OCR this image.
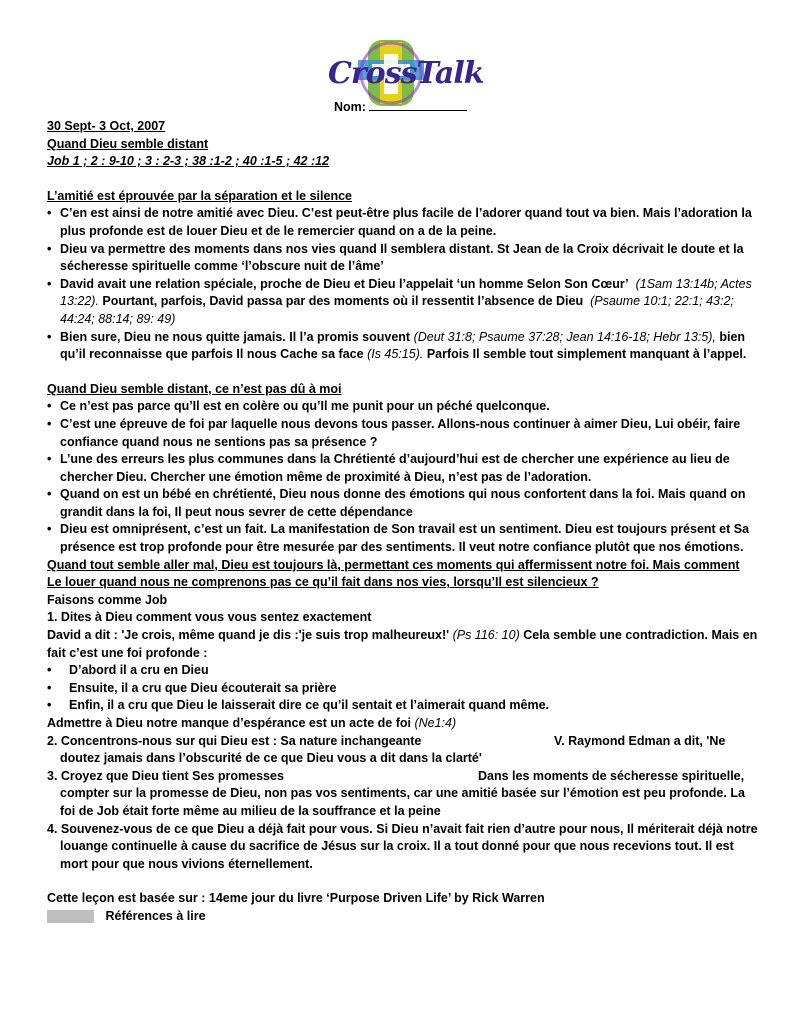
CrossTalk
Nom:

30 Sept- 3 Oct, 2007

Quand Dieu semble distant

Job 1 ; 2 : 9-10 ; 3 : 2-3 ; 38 :1-2 ; 40 :1-5 ; 42 :12

L’amitié est éprouvée par la séparation et le silence

• C’en est ainsi de notre amitié avec Dieu. C’est peut-être plus facile de l’adorer quand tout va bien. Mais l’adoration la plus profonde est de louer Dieu et de le remercier quand on a de la peine.
• Dieu va permettre des moments dans nos vies quand Il semblera distant. St Jean de la Croix décrivait le doute et la sécheresse spirituelle comme ‘l’obscure nuit de l’âme’
• David avait une relation spéciale, proche de Dieu et Dieu l’appelait ‘un homme Selon Son Cœur’ (1Sam 13:14b; Actes 13:22). Pourtant, parfois, David passa par des moments où il ressentit l’absence de Dieu (Psaume 10:1; 22:1; 43:2; 44:24; 88:14; 89: 49)
• Bien sure, Dieu ne nous quitte jamais. Il l’a promis souvent (Deut 31:8; Psaume 37:28; Jean 14:16-18; Hebr 13:5), bien qu’il reconnaisse que parfois Il nous Cache sa face (Is 45:15). Parfois Il semble tout simplement manquant à l’appel.

Quand Dieu semble distant, ce n’est pas dû à moi

• Ce n’est pas parce qu’Il est en colère ou qu’Il me punit pour un péché quelconque.
• C’est une épreuve de foi par laquelle nous devons tous passer. Allons-nous continuer à aimer Dieu, Lui obéir, faire confiance quand nous ne sentions pas sa présence ?
• L’une des erreurs les plus communes dans la Chrétienté d’aujourd’hui est de chercher une expérience au lieu de chercher Dieu. Chercher une émotion même de proximité à Dieu, n’est pas de l’adoration.
• Quand on est un bébé en chrétienté, Dieu nous donne des émotions qui nous confortent dans la foi. Mais quand on grandit dans la foi, Il peut nous sevrer de cette dépendance
• Dieu est omniprésent, c’est un fait. La manifestation de Son travail est un sentiment. Dieu est toujours présent et Sa présence est trop profonde pour être mesurée par des sentiments. Il veut notre confiance plutôt que nos émotions.

Quand tout semble aller mal, Dieu est toujours là, permettant ces moments qui affermissent notre foi. Mais comment

Le louer quand nous ne comprenons pas ce qu’il fait dans nos vies, lorsqu’Il est silencieux ?

Faisons comme Job

1. Dites à Dieu comment vous vous sentez exactement

David a dit : 'Je crois, même quand je dis :'je suis trop malheureux!' (Ps 116: 10) Cela semble une contradiction. Mais en fait c’est une foi profonde :

• D’abord il a cru en Dieu
• Ensuite, il a cru que Dieu écouterait sa prière
• Enfin, il a cru que Dieu le laisserait dire ce qu’il sentait et l’aimerait quand même.

Admettre à Dieu notre manque d’espérance est un acte de foi (Ne1:4)

2. Concentrons-nous sur qui Dieu est : Sa nature inchangeante	V. Raymond Edman a dit, 'Ne
doutez jamais dans l’obscurité de ce que Dieu vous a dit dans la clarté'
3. Croyez que Dieu tient Ses promesses	Dans les moments de sécheresse spirituelle,
compter sur la promesse de Dieu, non pas vos sentiments, car une amitié basée sur l’émotion est peu profonde. La foi de Job était forte même au milieu de la souffrance et la peine
4. Souvenez-vous de ce que Dieu a déjà fait pour vous. Si Dieu n’avait fait rien d’autre pour nous, Il mériterait déjà notre louange continuelle à cause du sacrifice de Jésus sur la croix. Il a tout donné pour que nous recevions tout. Il est mort pour que nous vivions éternellement.

Cette leçon est basée sur : 14eme jour du livre ‘Purpose Driven Life’ by Rick Warren

Références à lire
